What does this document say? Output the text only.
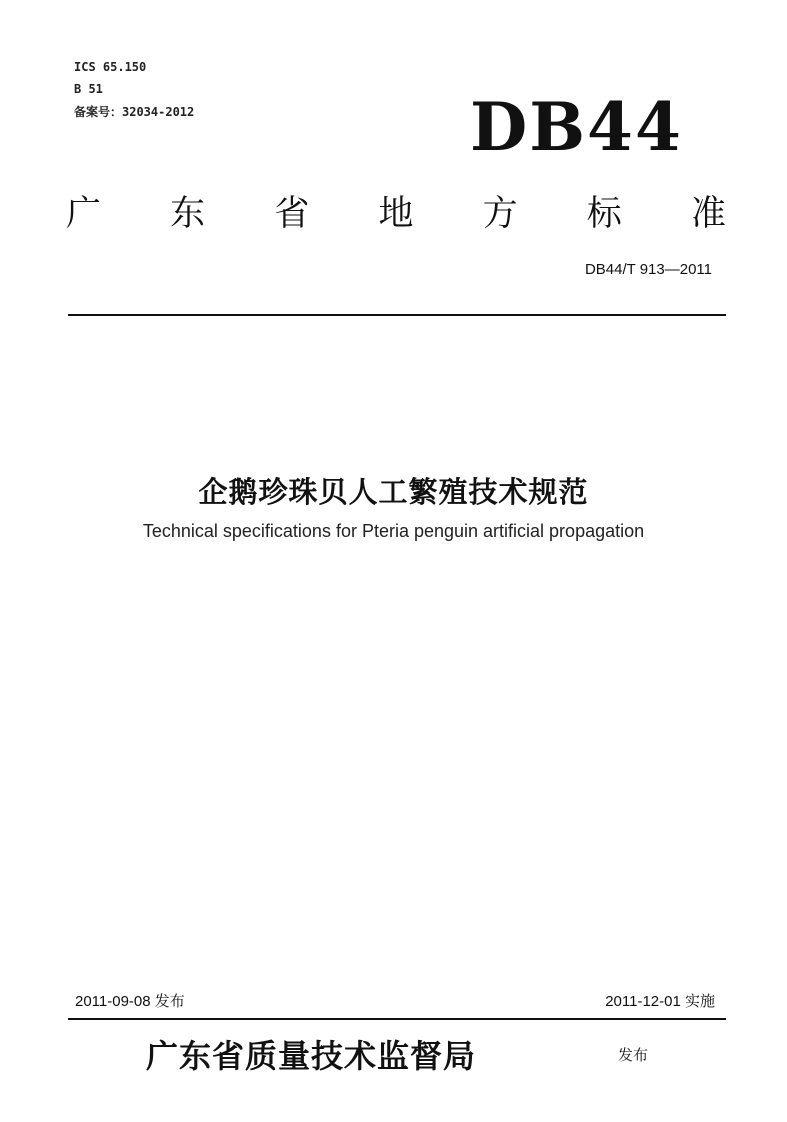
ICS 65.150
B 51
备案号：32034-2012	DB44
广 东 省 地 方 标 准
DB44/T 913—2011
企鹅珍珠贝人工繁殖技术规范
Technical specifications for Pteria penguin artificial propagation
2011-09-08 发布	2011-12-01 实施
广东省质量技术监督局	发布
